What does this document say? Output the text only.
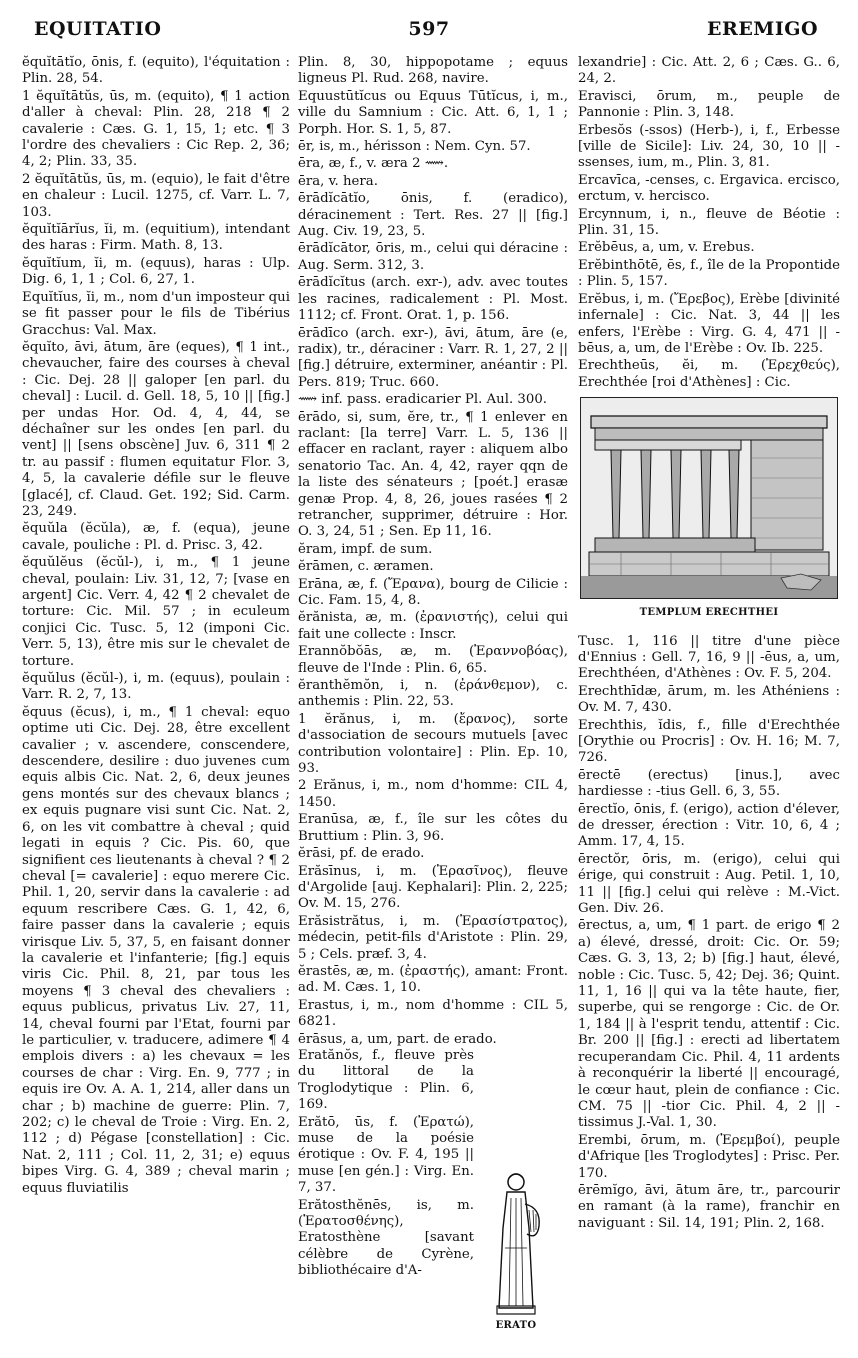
EQUITATIO	597	EREMIGO

ĕquĭtātĭo, ōnis, f. (equito), l'équitation : Plin. 28, 54.

1 ĕquĭtātŭs, ūs, m. (equito), ¶ 1 action d'aller à cheval: Plin. 28, 218 ¶ 2 cavalerie : Cæs. G. 1, 15, 1; etc. ¶ 3 l'ordre des chevaliers : Cic Rep. 2, 36; 4, 2; Plin. 33, 35.

2 ĕquĭtātŭs, ūs, m. (equio), le fait d'être en chaleur : Lucil. 1275, cf. Varr. L. 7, 103.

ĕquĭtĭārĭus, ĭi, m. (equitium), intendant des haras : Firm. Math. 8, 13.

ĕquĭtĭum, ĭi, m. (equus), haras : Ulp. Dig. 6, 1, 1 ; Col. 6, 27, 1.

Equĭtĭus, ĭi, m., nom d'un imposteur qui se fit passer pour le fils de Tibérius Gracchus: Val. Max.

ĕquĭto, āvi, ātum, āre (eques), ¶ 1 int., chevaucher, faire des courses à cheval : Cic. Dej. 28 || galoper [en parl. du cheval] : Lucil. d. Gell. 18, 5, 10 || [fig.] per undas Hor. Od. 4, 4, 44, se déchaîner sur les ondes [en parl. du vent] || [sens obscène] Juv. 6, 311 ¶ 2 tr. au passif : flumen equitatur Flor. 3, 4, 5, la cavalerie défile sur le fleuve [glacé], cf. Claud. Get. 192; Sid. Carm. 23, 249.

ĕquŭla (ĕcŭla), æ, f. (equa), jeune cavale, pouliche : Pl. d. Prisc. 3, 42.

ĕquŭlĕus (ĕcŭl-), i, m., ¶ 1 jeune cheval, poulain: Liv. 31, 12, 7; [vase en argent] Cic. Verr. 4, 42 ¶ 2 chevalet de torture: Cic. Mil. 57 ; in eculeum conjici Cic. Tusc. 5, 12 (imponi Cic. Verr. 5, 13), être mis sur le chevalet de torture.

ĕquŭlus (ĕcŭl-), i, m. (equus), poulain : Varr. R. 2, 7, 13.

ĕquus (ĕcus), i, m., ¶ 1 cheval: equo optime uti Cic. Dej. 28, être excellent cavalier ; v. ascendere, conscendere, descendere, desilire : duo juvenes cum equis albis Cic. Nat. 2, 6, deux jeunes gens montés sur des chevaux blancs ; ex equis pugnare visi sunt Cic. Nat. 2, 6, on les vit combattre à cheval ; quid legati in equis ? Cic. Pis. 60, que signifient ces lieutenants à cheval ? ¶ 2 cheval [= cavalerie] : equo merere Cic. Phil. 1, 20, servir dans la cavalerie : ad equum rescribere Cæs. G. 1, 42, 6, faire passer dans la cavalerie ; equis virisque Liv. 5, 37, 5, en faisant donner la cavalerie et l'infanterie; [fig.] equis viris Cic. Phil. 8, 21, par tous les moyens ¶ 3 cheval des chevaliers : equus publicus, privatus Liv. 27, 11, 14, cheval fourni par l'Etat, fourni par le particulier, v. traducere, adimere ¶ 4 emplois divers : a) les chevaux = les courses de char : Virg. En. 9, 777 ; in equis ire Ov. A. A. 1, 214, aller dans un char ; b) machine de guerre: Plin. 7, 202; c) le cheval de Troie : Virg. En. 2, 112 ; d) Pégase [constellation] : Cic. Nat. 2, 111 ; Col. 11, 2, 31; e) equus bipes Virg. G. 4, 389 ; cheval marin ; equus fluviatilis

Plin. 8, 30, hippopotame ; equus ligneus Pl. Rud. 268, navire.

Equustūtĭcus ou Equus Tūtĭcus, i, m., ville du Samnium : Cic. Att. 6, 1, 1 ; Porph. Hor. S. 1, 5, 87.

ēr, is, m., hérisson : Nem. Cyn. 57.

ēra, æ, f., v. æra 2 ⟿.

ēra, v. hera.

ērādĭcātĭo, ōnis, f. (eradico), déracinement : Tert. Res. 27 || [fig.] Aug. Civ. 19, 23, 5.

ērādĭcātor, ōris, m., celui qui déracine : Aug. Serm. 312, 3.

ērādĭcĭtus (arch. exr-), adv. avec toutes les racines, radicalement : Pl. Most. 1112; cf. Front. Orat. 1, p. 156.

ērādīco (arch. exr-), āvi, ātum, āre (e, radix), tr., déraciner : Varr. R. 1, 27, 2 || [fig.] détruire, exterminer, anéantir : Pl. Pers. 819; Truc. 660.

⟿ inf. pass. eradicarier Pl. Aul. 300.

ērādo, si, sum, ĕre, tr., ¶ 1 enlever en raclant: [la terre] Varr. L. 5, 136 || effacer en raclant, rayer : aliquem albo senatorio Tac. An. 4, 42, rayer qqn de la liste des sénateurs ; [poét.] erasæ genæ Prop. 4, 8, 26, joues rasées ¶ 2 retrancher, supprimer, détruire : Hor. O. 3, 24, 51 ; Sen. Ep 11, 16.

ĕram, impf. de sum.

ĕrāmen, c. æramen.

Erāna, æ, f. (Ἔρανα), bourg de Cilicie : Cic. Fam. 15, 4, 8.

ĕrănista, æ, m. (ἐρανιστής), celui qui fait une collecte : Inscr.

Erannŏbŏās, æ, m. (Ἐραννοβόας), fleuve de l'Inde : Plin. 6, 65.

ĕranthĕmŏn, i, n. (ἐράνθεμον), c. anthemis : Plin. 22, 53.

1 ĕrănus, i, m. (ἔρανος), sorte d'association de secours mutuels [avec contribution volontaire] : Plin. Ep. 10, 93.

2 Erănus, i, m., nom d'homme: CIL 4, 1450.

Eranūsa, æ, f., île sur les côtes du Bruttium : Plin. 3, 96.

ĕrāsi, pf. de erado.

Erăsīnus, i, m. (Ἐρασῖνος), fleuve d'Argolide [auj. Kephalari]: Plin. 2, 225; Ov. M. 15, 276.

Erăsistrătus, i, m. (Ἐρασίστρατος), médecin, petit-fils d'Aristote : Plin. 29, 5 ; Cels. præf. 3, 4.

ĕrastēs, æ, m. (ἐραστής), amant: Front. ad. M. Cæs. 1, 10.

Erastus, i, m., nom d'homme : CIL 5, 6821.

ērāsus, a, um, part. de erado.

Eratănŏs, f., fleuve près du littoral de la Troglodytique : Plin. 6, 169.

Erătō, ūs, f. (Ἐρατώ), muse de la poésie érotique : Ov. F. 4, 195 || muse [en gén.] : Virg. En. 7, 37.

Erătosthĕnēs, is, m. (Ἐρατοσθένης), Eratosthène [savant célèbre de Cyrène, bibliothécaire d'A-

ERATO

lexandrie] : Cic. Att. 2, 6 ; Cæs. G.. 6, 24, 2.

Eravisci, ōrum, m., peuple de Pannonie : Plin. 3, 148.

Erbesŏs (-ssos) (Herb-), i, f., Erbesse [ville de Sicile]: Liv. 24, 30, 10 || -ssenses, ium, m., Plin. 3, 81.

Ercavīca, -censes, c. Ergavica. ercisco, erctum, v. hercisco.

Ercynnum, i, n., fleuve de Béotie : Plin. 31, 15.

Erĕbēus, a, um, v. Erebus.

Erĕbinthōtē, ēs, f., île de la Propontide : Plin. 5, 157.

Erĕbus, i, m. (Ἔρεβος), Erèbe [divinité infernale] : Cic. Nat. 3, 44 || les enfers, l'Erèbe : Virg. G. 4, 471 || -bēus, a, um, de l'Erèbe : Ov. Ib. 225.

Erechtheūs, ĕi, m. (Ἐρεχθεύς), Erechthée [roi d'Athènes] : Cic.

TEMPLUM ERECHTHEI

Tusc. 1, 116 || titre d'une pièce d'Ennius : Gell. 7, 16, 9 || -ēus, a, um, Erechthéen, d'Athènes : Ov. F. 5, 204.

Erechthīdæ, ārum, m. les Athéniens : Ov. M. 7, 430.

Erechthis, ĭdis, f., fille d'Erechthée [Orythie ou Procris] : Ov. H. 16; M. 7, 726.

ērectē (erectus) [inus.], avec hardiesse : -tius Gell. 6, 3, 55.

ērectĭo, ōnis, f. (erigo), action d'élever, de dresser, érection : Vitr. 10, 6, 4 ; Amm. 17, 4, 15.

ērectŏr, ōris, m. (erigo), celui qui érige, qui construit : Aug. Petil. 1, 10, 11 || [fig.] celui qui relève : M.-Vict. Gen. Div. 26.

ērectus, a, um, ¶ 1 part. de erigo ¶ 2 a) élevé, dressé, droit: Cic. Or. 59; Cæs. G. 3, 13, 2; b) [fig.] haut, élevé, noble : Cic. Tusc. 5, 42; Dej. 36; Quint. 11, 1, 16 || qui va la tête haute, fier, superbe, qui se rengorge : Cic. de Or. 1, 184 || à l'esprit tendu, attentif : Cic. Br. 200 || [fig.] : erecti ad libertatem recuperandam Cic. Phil. 4, 11 ardents à reconquérir la liberté || encouragé, le cœur haut, plein de confiance : Cic. CM. 75 || -tior Cic. Phil. 4, 2 || -tissimus J.-Val. 1, 30.

Erembi, ōrum, m. (Ἐρεμβοί), peuple d'Afrique [les Troglodytes] : Prisc. Per. 170.

ērēmĭgo, āvi, ātum āre, tr., parcourir en ramant (à la rame), franchir en naviguant : Sil. 14, 191; Plin. 2, 168.
